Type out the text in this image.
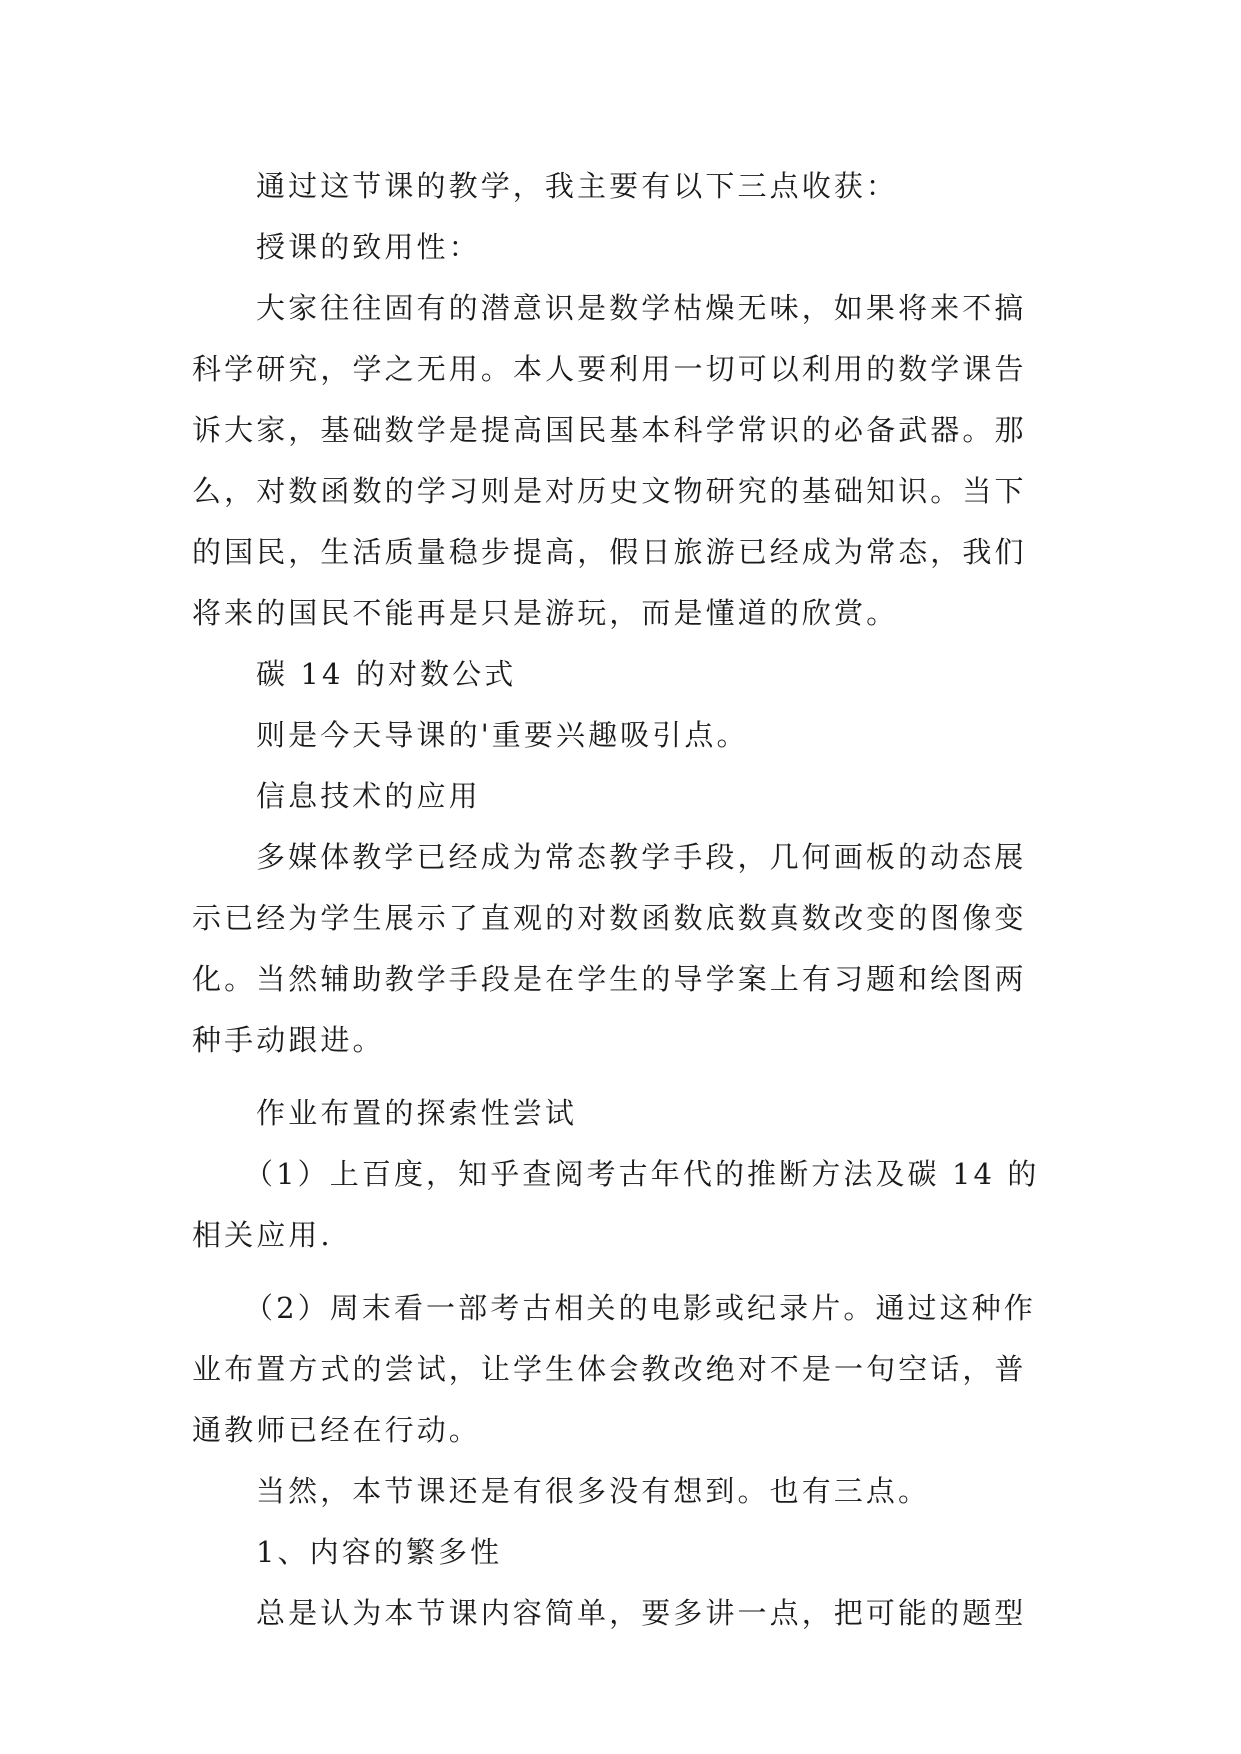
通过这节课的教学，我主要有以下三点收获：

授课的致用性：

大家往往固有的潜意识是数学枯燥无味，如果将来不搞科学研究，学之无用。本人要利用一切可以利用的数学课告诉大家，基础数学是提高国民基本科学常识的必备武器。那么，对数函数的学习则是对历史文物研究的基础知识。当下的国民，生活质量稳步提高，假日旅游已经成为常态，我们将来的国民不能再是只是游玩，而是懂道的欣赏。

碳 14 的对数公式

则是今天导课的'重要兴趣吸引点。

信息技术的应用

多媒体教学已经成为常态教学手段，几何画板的动态展示已经为学生展示了直观的对数函数底数真数改变的图像变化。当然辅助教学手段是在学生的导学案上有习题和绘图两种手动跟进。

作业布置的探索性尝试

（1）上百度，知乎查阅考古年代的推断方法及碳 14 的相关应用.

（2）周末看一部考古相关的电影或纪录片。通过这种作业布置方式的尝试，让学生体会教改绝对不是一句空话，普通教师已经在行动。

当然，本节课还是有很多没有想到。也有三点。

1、内容的繁多性

总是认为本节课内容简单，要多讲一点，把可能的题型
